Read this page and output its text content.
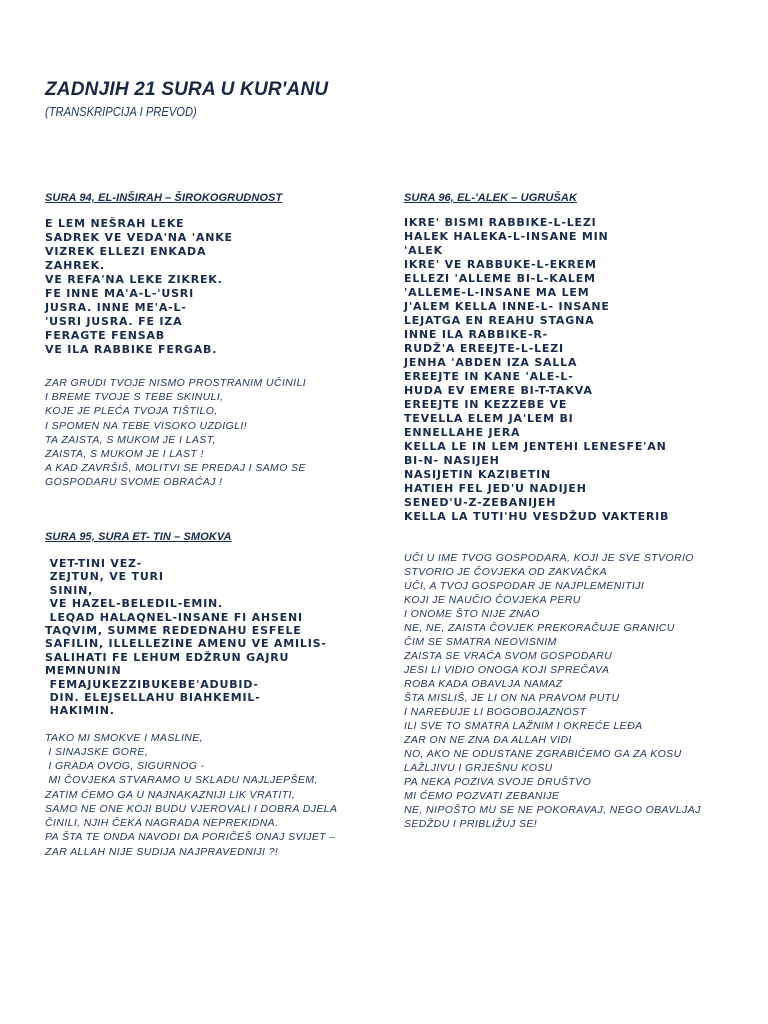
ZADNJIH 21 SURA U KUR'ANU
(TRANSKRIPCIJA I PREVOD)
SURA 94, EL-INŠIRAH – ŠIROKOGRUDNOST
E LEM NEŠRAH LEKE
SADREK VE VEDA'NA 'ANKE
VIZREK ELLEZI ENKADA
ZAHREK.
VE REFA'NA LEKE ZIKREK.
FE INNE MA'A-L-'USRI
JUSRA. INNE ME'A-L-
'USRI JUSRA. FE IZA
FERAGTE FENSAB
VE ILA RABBIKE FERGAB.
ZAR GRUDI TVOJE NISMO PROSTRANIM UČINILI
I BREME TVOJE S TEBE SKINULI,
KOJE JE PLEĆA TVOJA TIŠTILO,
I SPOMEN NA TEBE VISOKO UZDIGLI!
TA ZAISTA, S MUKOM JE I LAST,
ZAISTA, S MUKOM JE I LAST !
A KAD ZAVRŠIŠ, MOLITVI SE PREDAJ I SAMO SE
GOSPODARU SVOME OBRAĆAJ !
SURA 95, SURA ET- TIN – SMOKVA
VET-TINI VEZ-
ZEJTUN, VE TURI
SININ,
VE HAZEL-BELEDIL-EMIN.
LEQAD HALAQNEL-INSANE FI AHSENI
TAQVIM, SUMME REDEDNAHU ESFELE
SAFILIN, ILLELLEZINE AMENU VE AMILIS-
SALIHATI FE LEHUM EDŽRUN GAJRU
MEMNUNIN
FEMAJUKEZZIBUKEBE'ADUBID-
DIN. ELEJSELLAHU BIAHKEMIL-
HAKIMIN.
TAKO MI SMOKVE I MASLINE,
I SINAJSKE GORE,
I GRADA OVOG, SIGURNOG -
MI ČOVJEKA STVARAMO U SKLADU NAJLJEPŠEM,
ZATIM ĆEMO GA U NAJNAKAZNIJI LIK VRATITI,
SAMO NE ONE KOJI BUDU VJEROVALI I DOBRA DJELA
ČINILI, NJIH ČEKA NAGRADA NEPREKIDNA.
PA ŠTA TE ONDA NAVODI DA PORIČEŠ ONAJ SVIJET –
ZAR ALLAH NIJE SUDIJA NAJPRAVEDNIJI ?!
SURA 96, EL-'ALEK – UGRUŠAK
IKRE' BISMI RABBIKE-L-LEZI
HALEK HALEKA-L-INSANE MIN
'ALEK
IKRE' VE RABBUKE-L-EKREM
ELLEZI 'ALLEME BI-L-KALEM
'ALLEME-L-INSANE MA LEM
J'ALEM KELLA INNE-L- INSANE
LEJATGA EN REAHU STAGNA
INNE ILA RABBIKE-R-
RUDŽ'A EREEJTE-L-LEZI
JENHA 'ABDEN IZA SALLA
EREEJTE IN KANE 'ALE-L-
HUDA EV EMERE BI-T-TAKVA
EREEJTE IN KEZZEBE VE
TEVELLA ELEM JA'LEM BI
ENNELLAHE JERA
KELLA LE IN LEM JENTEHI LENESFE'AN
BI-N- NASIJEH
NASIJETIN KAZIBETIN
HATIEH FEL JED'U NADIJEH
SENED'U-Z-ZEBANIJEH
KELLA LA TUTI'HU VESDŽUD VAKTERIB
UČI U IME TVOG GOSPODARA, KOJI JE SVE STVORIO
STVORIO JE ČOVJEKA OD ZAKVAČKA
UČI, A TVOJ GOSPODAR JE NAJPLEMENITIJI
KOJI JE NAUČIO ČOVJEKA PERU
I ONOME ŠTO NIJE ZNAO
NE, NE, ZAISTA ČOVJEK PREKORAČUJE GRANICU
ČIM SE SMATRA NEOVISNIM
ZAISTA SE VRAĆA SVOM GOSPODARU
JESI LI VIDIO ONOGA KOJI SPREČAVA
ROBA KADA OBAVLJA NAMAZ
ŠTA MISLIŠ, JE LI ON NA PRAVOM PUTU
I NAREĐUJE LI BOGOBOJAZNOST
ILI SVE TO SMATRA LAŽNIM I OKREĆE LEĐA
ZAR ON NE ZNA DA ALLAH VIDI
NO, AKO NE ODUSTANE ZGRABIĆEMO GA ZA KOSU
LAŽLJIVU I GRJEŠNU KOSU
PA NEKA POZIVA SVOJE DRUŠTVO
MI ĆEMO POZVATI ZEBANIJE
NE, NIPOŠTO MU SE NE POKORAVAJ, NEGO OBAVLJAJ
SEDŽDU I PRIBLIŽUJ SE!
